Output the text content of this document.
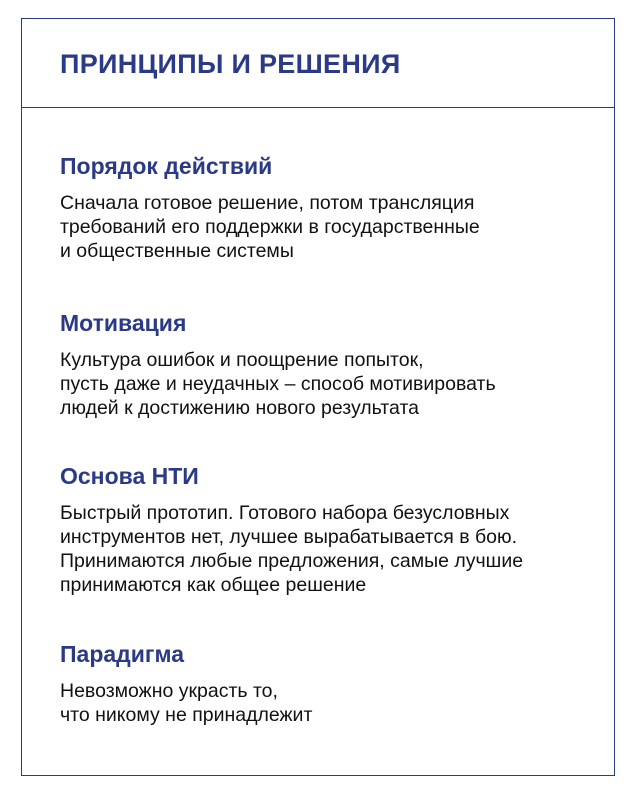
ПРИНЦИПЫ И РЕШЕНИЯ
Порядок действий

Сначала готовое решение, потом трансляция
требований его поддержки в государственные
и общественные системы

Мотивация

Культура ошибок и поощрение попыток,
пусть даже и неудачных – способ мотивировать
людей к достижению нового результата

Основа НТИ

Быстрый прототип. Готового набора безусловных
инструментов нет, лучшее вырабатывается в бою.
Принимаются любые предложения, самые лучшие
принимаются как общее решение

Парадигма

Невозможно украсть то,
что никому не принадлежит
